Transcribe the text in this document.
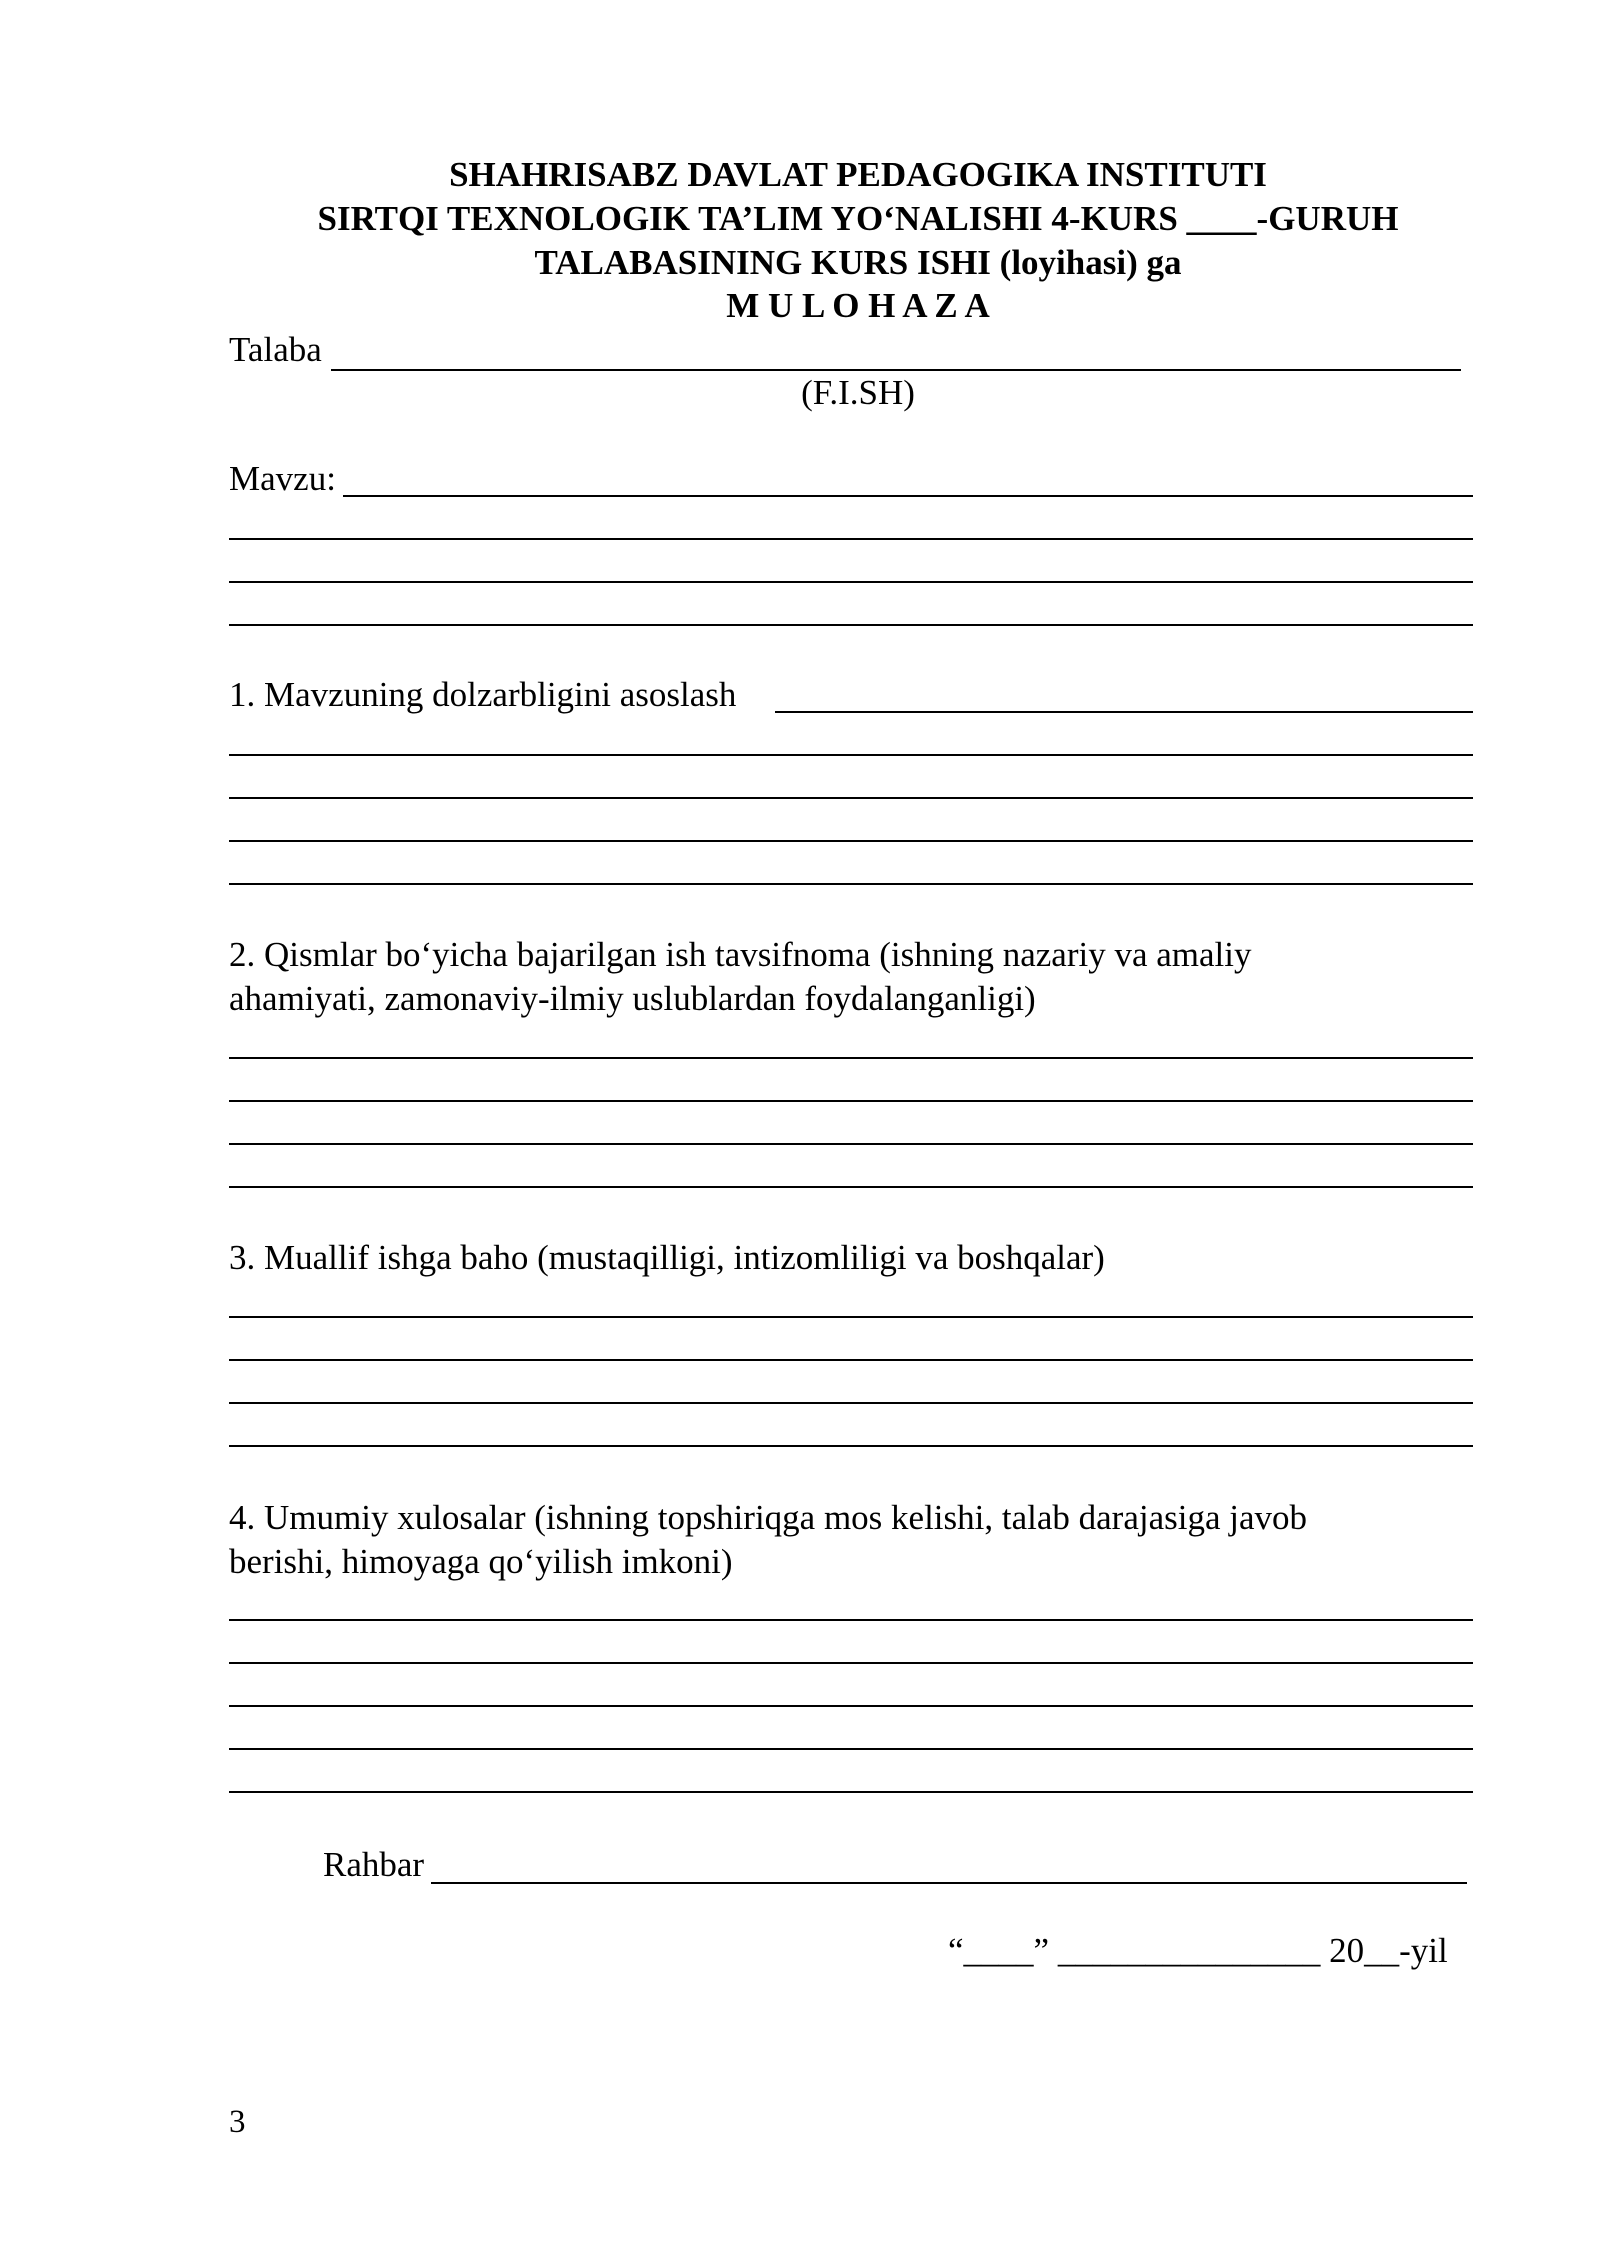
SHAHRISABZ DAVLAT PEDAGOGIKA INSTITUTI
SIRTQI TEXNOLOGIK TA’LIM YO‘NALISHI 4-KURS ____-GURUH
TALABASINING KURS ISHI (loyihasi) ga
M U L O H A Z A
Talaba
(F.I.SH)
Mavzu:
1. Mavzuning dolzarbligini asoslash
2. Qismlar bo‘yicha bajarilgan ish tavsifnoma (ishning nazariy va amaliy
ahamiyati, zamonaviy-ilmiy uslublardan foydalanganligi)
3. Muallif ishga baho (mustaqilligi, intizomliligi va boshqalar)
4. Umumiy xulosalar (ishning topshiriqga mos kelishi, talab darajasiga javob
berishi, himoyaga qo‘yilish imkoni)
Rahbar
“____” _______________ 20__-yil
3
